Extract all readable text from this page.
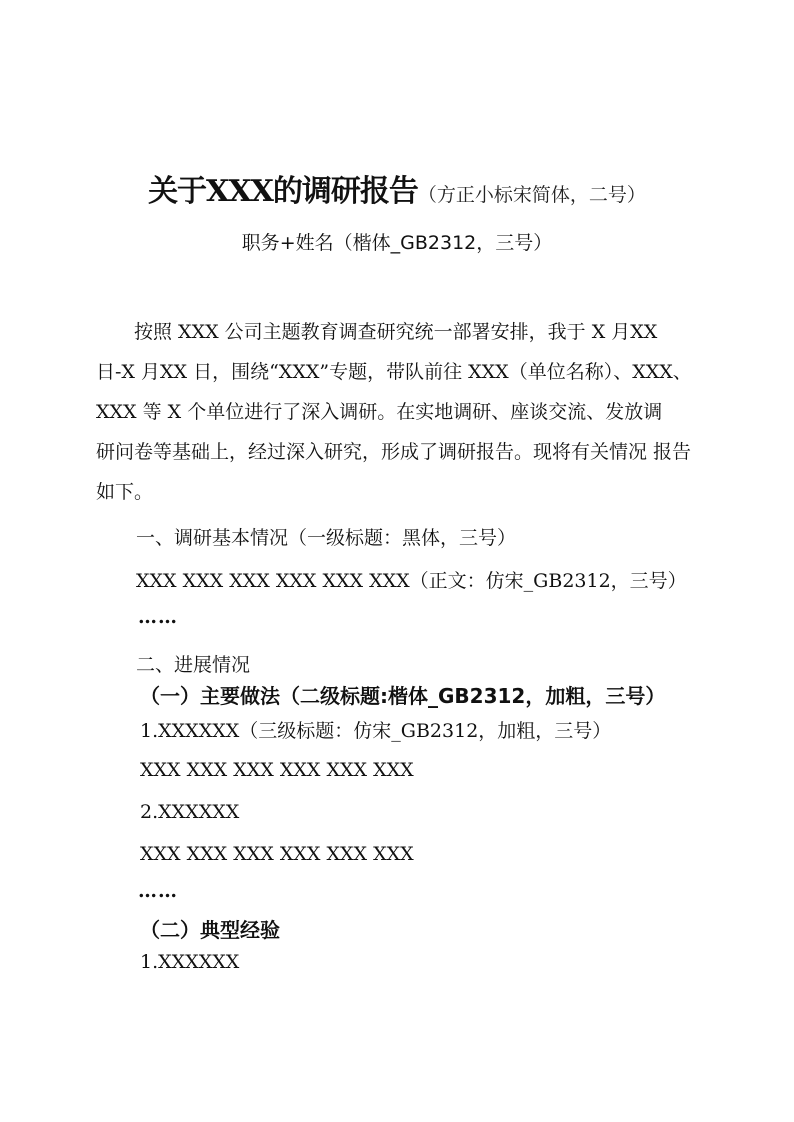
关于XXX的调研报告（方正小标宋简体，二号）
职务+姓名（楷体_GB2312，三号）
　　按照 XXX 公司主题教育调查研究统一部署安排，我于 X 月XX
日-X 月XX 日，围绕“XXX”专题，带队前往 XXX（单位名称）、XXX、
XXX 等 X 个单位进行了深入调研。在实地调研、座谈交流、发放调
研问卷等基础上，经过深入研究，形成了调研报告。现将有关情况 报告
如下。
一、调研基本情况（一级标题：黑体，三号）
XXX XXX XXX XXX XXX XXX（正文：仿宋_GB2312，三号）
……
二、进展情况
（一）主要做法（二级标题:楷体_GB2312，加粗，三号）
1.XXXXXX（三级标题：仿宋_GB2312，加粗，三号）
XXX XXX XXX XXX XXX XXX
2.XXXXXX
XXX XXX XXX XXX XXX XXX
……
（二）典型经验
1.XXXXXX
